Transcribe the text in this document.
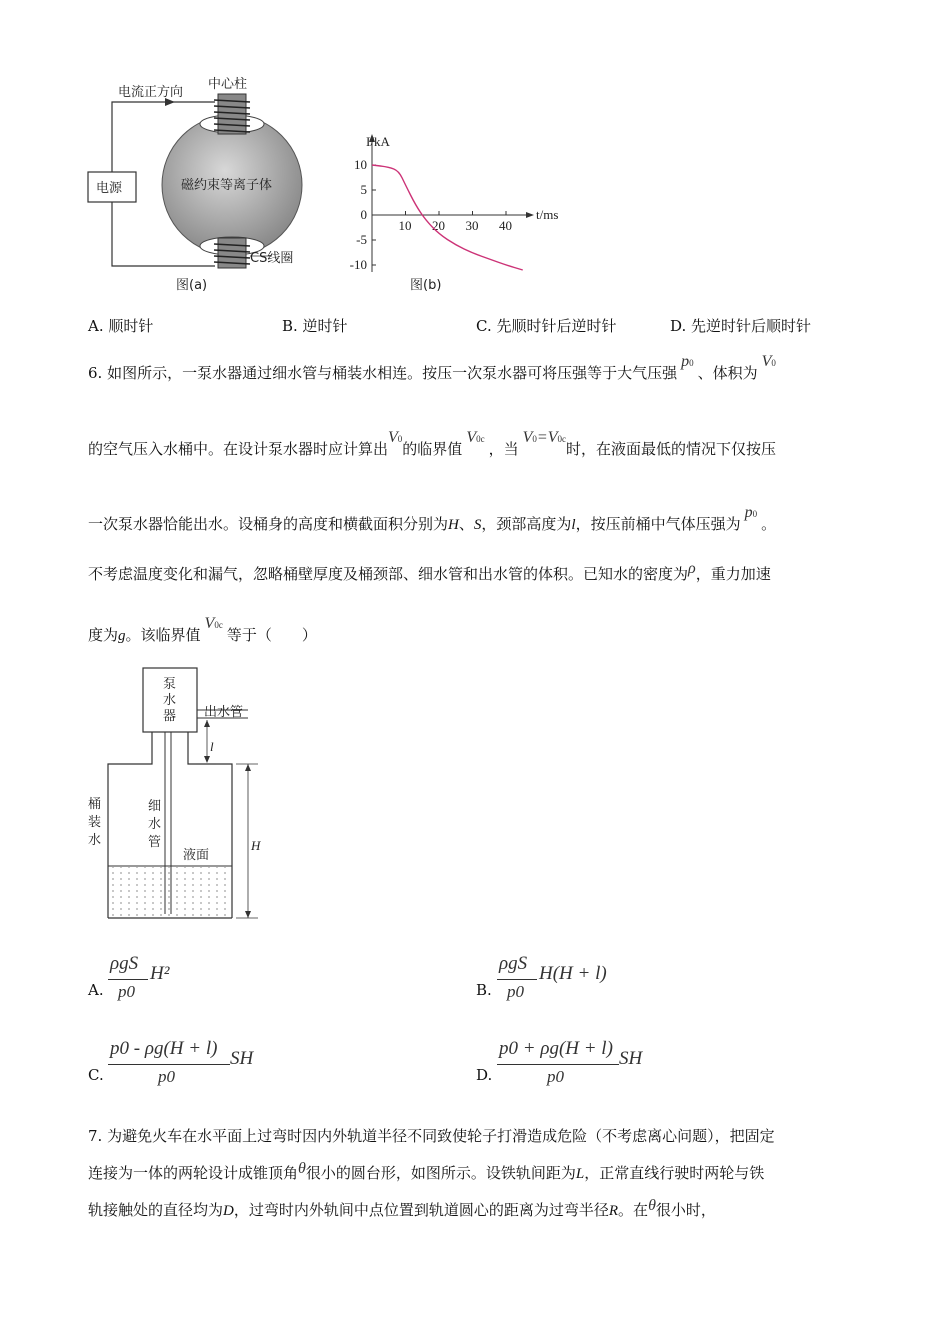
电流正方向
中心柱
电源	磁约束等离子体
CS线圈
图(a)
I/kA
t/ms
10 20 30 40
10
5
0
-5
-10
图(b)
A. 顺时针	B. 逆时针	C. 先顺时针后逆时针	D. 先逆时针后顺时针
6. 如图所示，一泵水器通过细水管与桶装水相连。按压一次泵水器可将压强等于大气压强 p0 、体积为 V0
的空气压入水桶中。在设计泵水器时应计算出V0的临界值 V0c ，当 V0=V0c时，在液面最低的情况下仅按压
一次泵水器恰能出水。设桶身的高度和横截面积分别为H、S，颈部高度为l，按压前桶中气体压强为 p0 。
不考虑温度变化和漏气，忽略桶壁厚度及桶颈部、细水管和出水管的体积。已知水的密度为ρ，重力加速
度为g。该临界值 V0c 等于（　　）
泵
水
器 出水管
l
桶
装
水
细
水
管
液面
H
A.
ρgS
p0
H²
B.
ρgS
p0
H(H + l)
C.
p0 - ρg(H + l)
p0
SH
D.
p0 + ρg(H + l)
p0
SH
7. 为避免火车在水平面上过弯时因内外轨道半径不同致使轮子打滑造成危险（不考虑离心问题），把固定
连接为一体的两轮设计成锥顶角θ很小的圆台形，如图所示。设铁轨间距为L，正常直线行驶时两轮与铁
轨接触处的直径均为D，过弯时内外轨间中点位置到轨道圆心的距离为过弯半径R。在θ很小时，
